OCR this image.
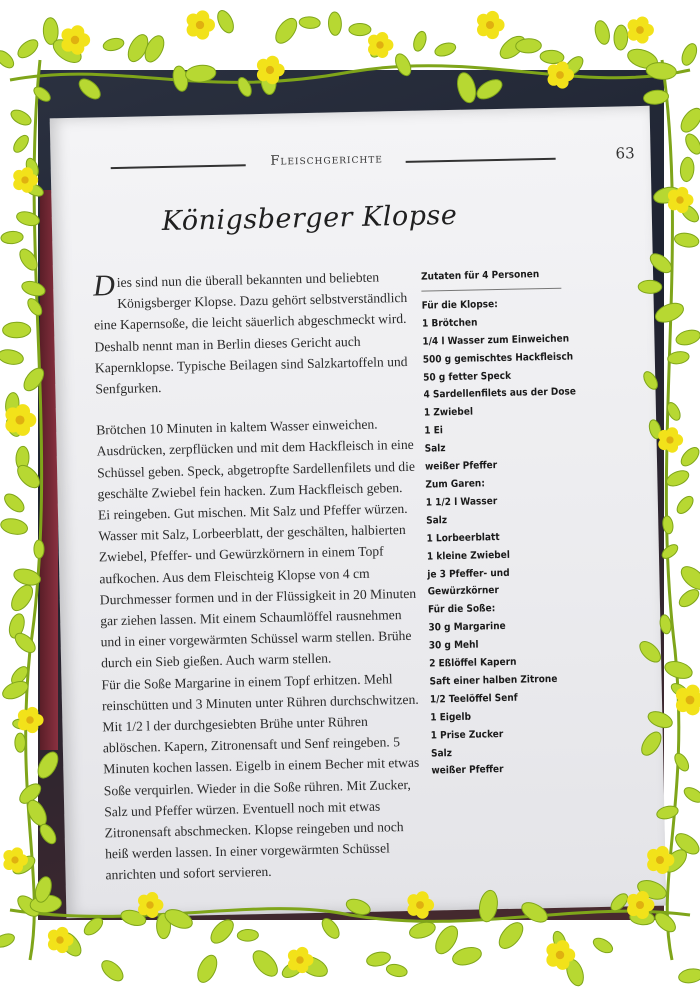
Fleischgerichte	63
Königsberger Klopse

Dies sind nun die überall bekannten und beliebten Königsberger Klopse. Dazu gehört selbstverständlich eine Kapernsoße, die leicht säuerlich abgeschmeckt wird. Deshalb nennt man in Berlin dieses Gericht auch Kapernklopse. Typische Beilagen sind Salzkartoffeln und Senfgurken.

Brötchen 10 Minuten in kaltem Wasser einweichen. Ausdrücken, zerpflücken und mit dem Hackfleisch in eine Schüssel geben. Speck, abgetropfte Sardellenfilets und die geschälte Zwiebel fein hacken. Zum Hackfleisch geben. Ei reingeben. Gut mischen. Mit Salz und Pfeffer würzen.

Wasser mit Salz, Lorbeerblatt, der geschälten, halbierten Zwiebel, Pfeffer- und Gewürzkörnern in einem Topf aufkochen. Aus dem Fleischteig Klopse von 4 cm Durchmesser formen und in der Flüssigkeit in 20 Minuten gar ziehen lassen. Mit einem Schaumlöffel rausnehmen und in einer vorgewärmten Schüssel warm stellen. Brühe durch ein Sieb gießen. Auch warm stellen.

Für die Soße Margarine in einem Topf erhitzen. Mehl reinschütten und 3 Minuten unter Rühren durchschwitzen. Mit 1/2 l der durchgesiebten Brühe unter Rühren ablöschen. Kapern, Zitronensaft und Senf reingeben. 5 Minuten kochen lassen. Eigelb in einem Becher mit etwas Soße verquirlen. Wieder in die Soße rühren. Mit Zucker, Salz und Pfeffer würzen. Eventuell noch mit etwas Zitronensaft abschmecken. Klopse reingeben und noch heiß werden lassen. In einer vorgewärmten Schüssel anrichten und sofort servieren.

Zutaten für 4 Personen
Für die Klopse:
1 Brötchen
1/4 l Wasser zum Einweichen
500 g gemischtes Hackfleisch
50 g fetter Speck
4 Sardellenfilets aus der Dose
1 Zwiebel
1 Ei
Salz
weißer Pfeffer
Zum Garen:
1 1/2 l Wasser
Salz
1 Lorbeerblatt
1 kleine Zwiebel
je 3 Pfeffer- und
Gewürzkörner
Für die Soße:
30 g Margarine
30 g Mehl
2 Eßlöffel Kapern
Saft einer halben Zitrone
1/2 Teelöffel Senf
1 Eigelb
1 Prise Zucker
Salz
weißer Pfeffer
